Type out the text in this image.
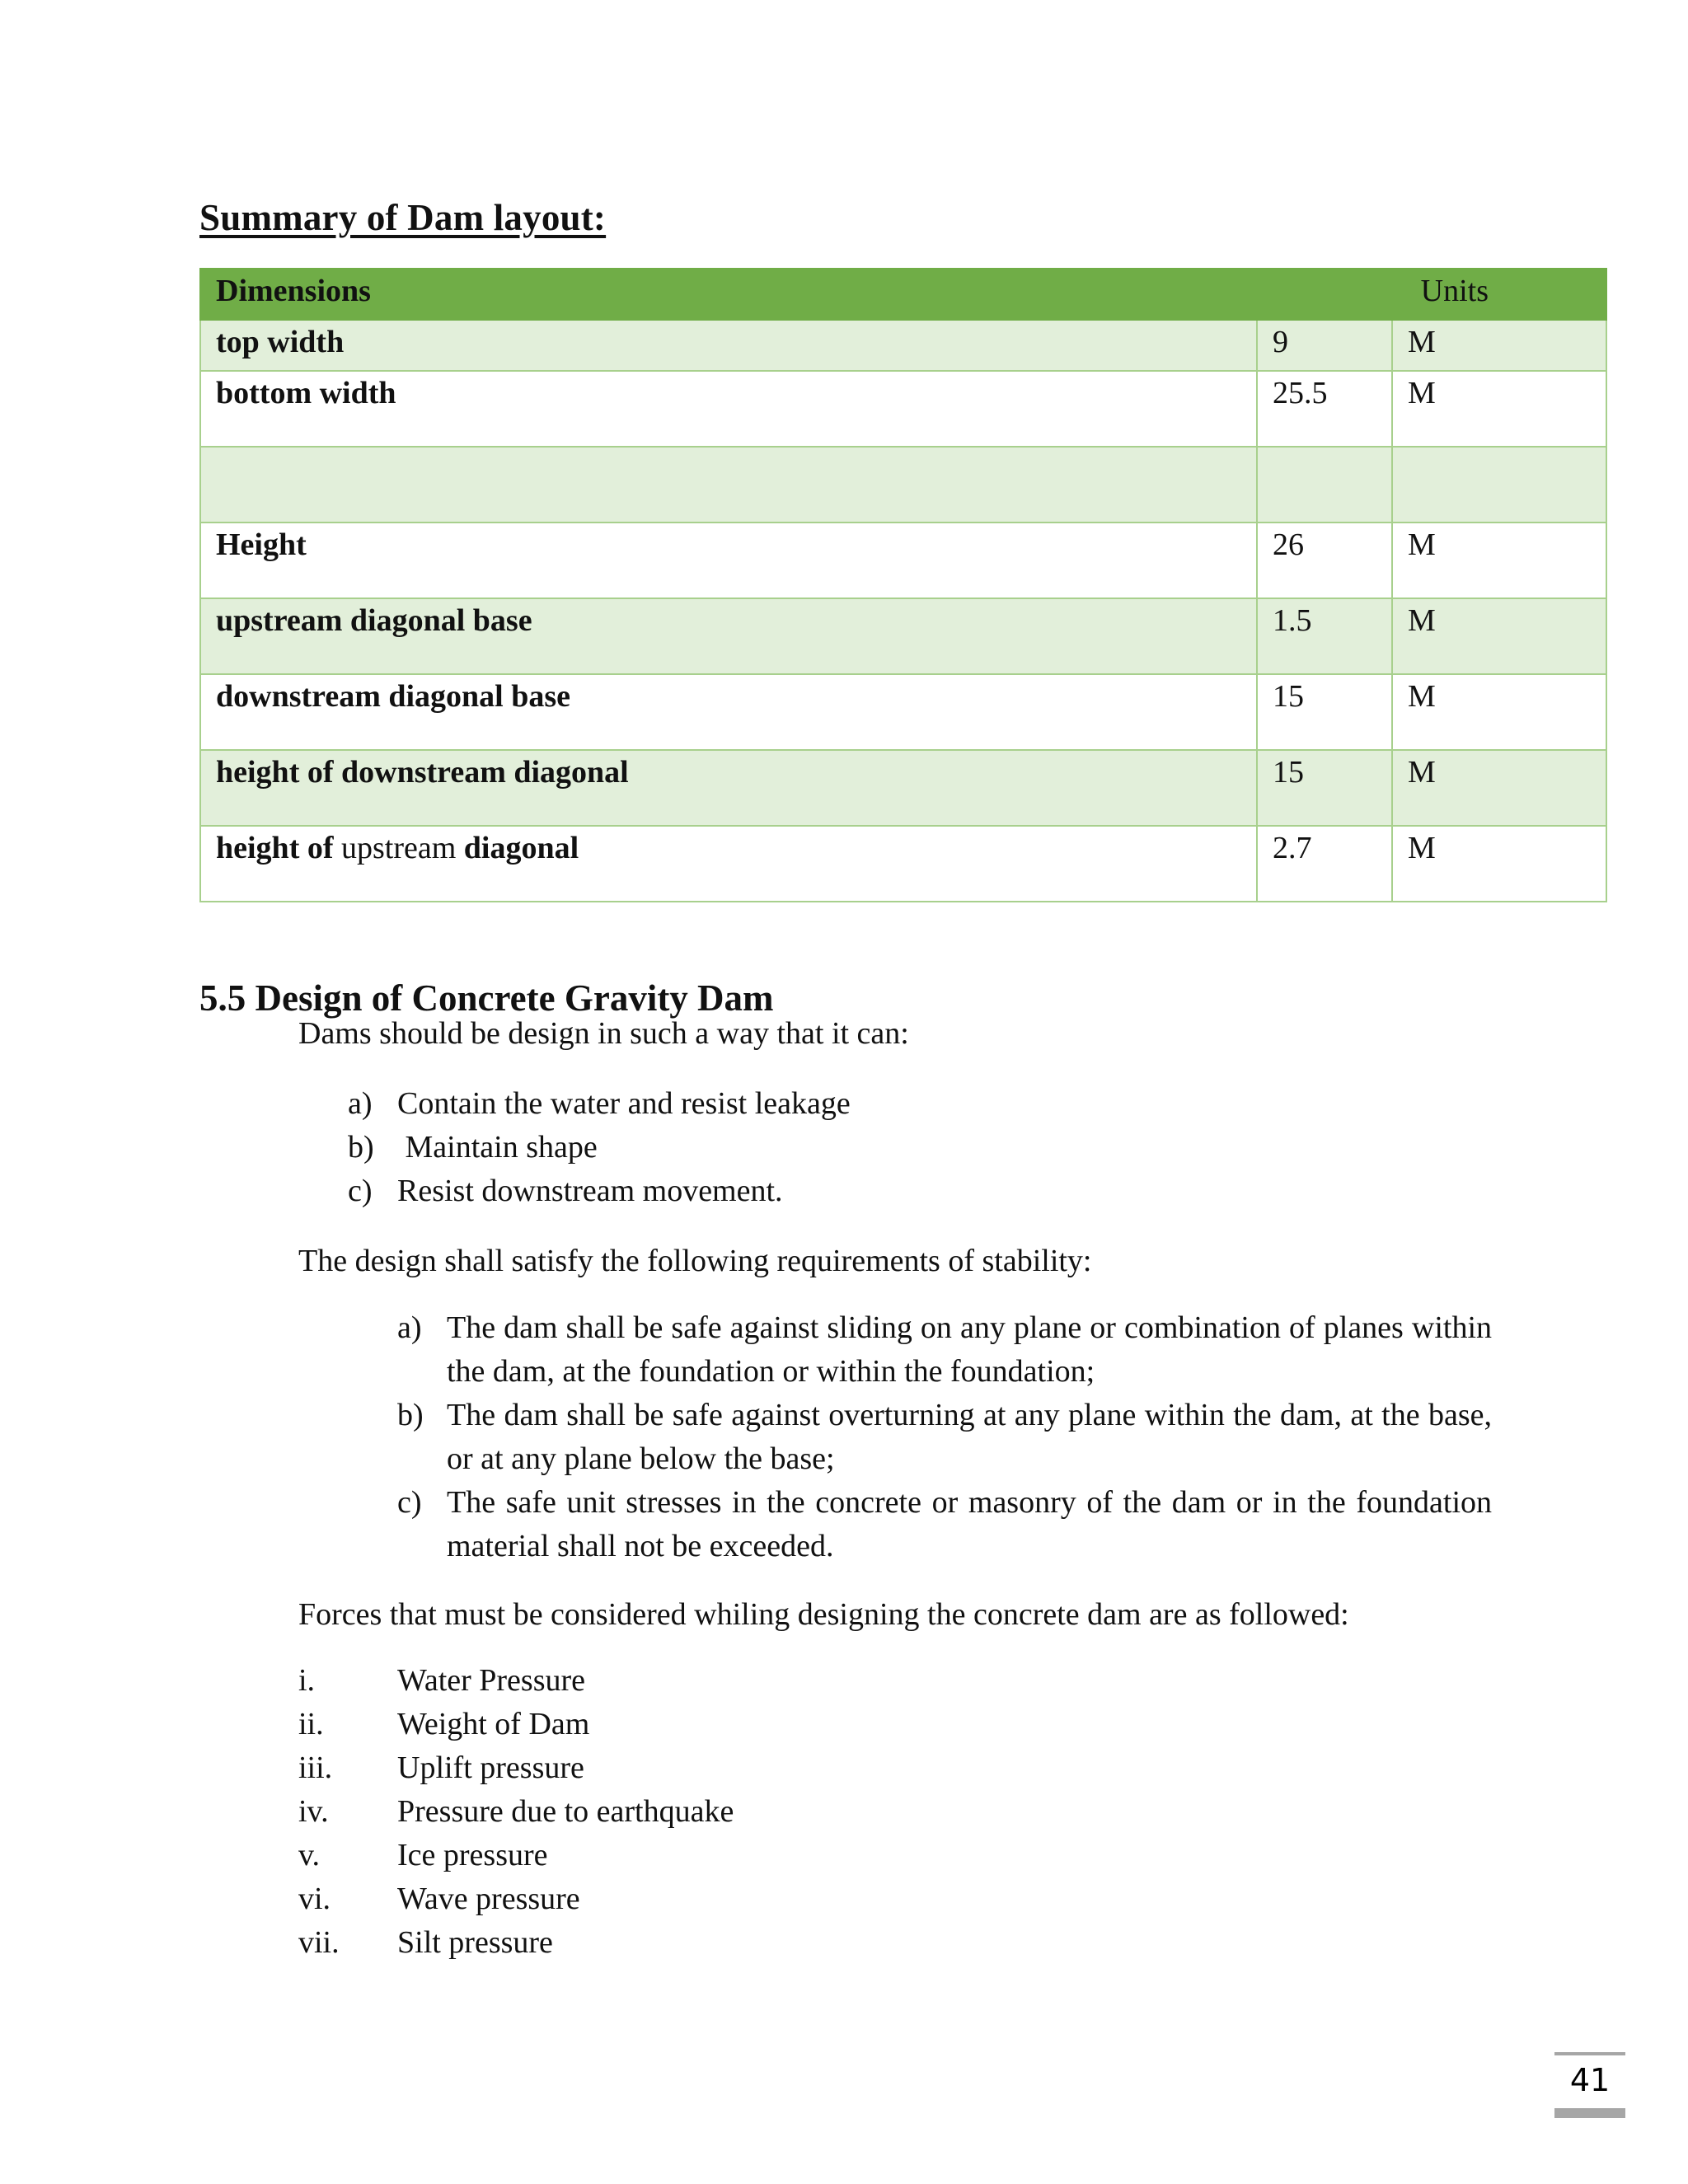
Summary of Dam layout:
Dimensions		Units
top width	9	M
bottom width	25.5	M

Height	26	M
upstream diagonal base	1.5	M
downstream diagonal base	15	M
height of downstream diagonal	15	M
height of upstream diagonal	2.7	M
5.5 Design of Concrete Gravity Dam
Dams should be design in such a way that it can:
a) Contain the water and resist leakage
b) Maintain shape
c) Resist downstream movement.
The design shall satisfy the following requirements of stability:
a) The dam shall be safe against sliding on any plane or combination of planes within the dam, at the foundation or within the foundation;
b) The dam shall be safe against overturning at any plane within the dam, at the base, or at any plane below the base;
c) The safe unit stresses in the concrete or masonry of the dam or in the foundation material shall not be exceeded.
Forces that must be considered whiling designing the concrete dam are as followed:
i.	Water Pressure
ii. Weight of Dam
iii. Uplift pressure
iv. Pressure due to earthquake
v. Ice pressure
vi. Wave pressure
vii. Silt pressure
41
